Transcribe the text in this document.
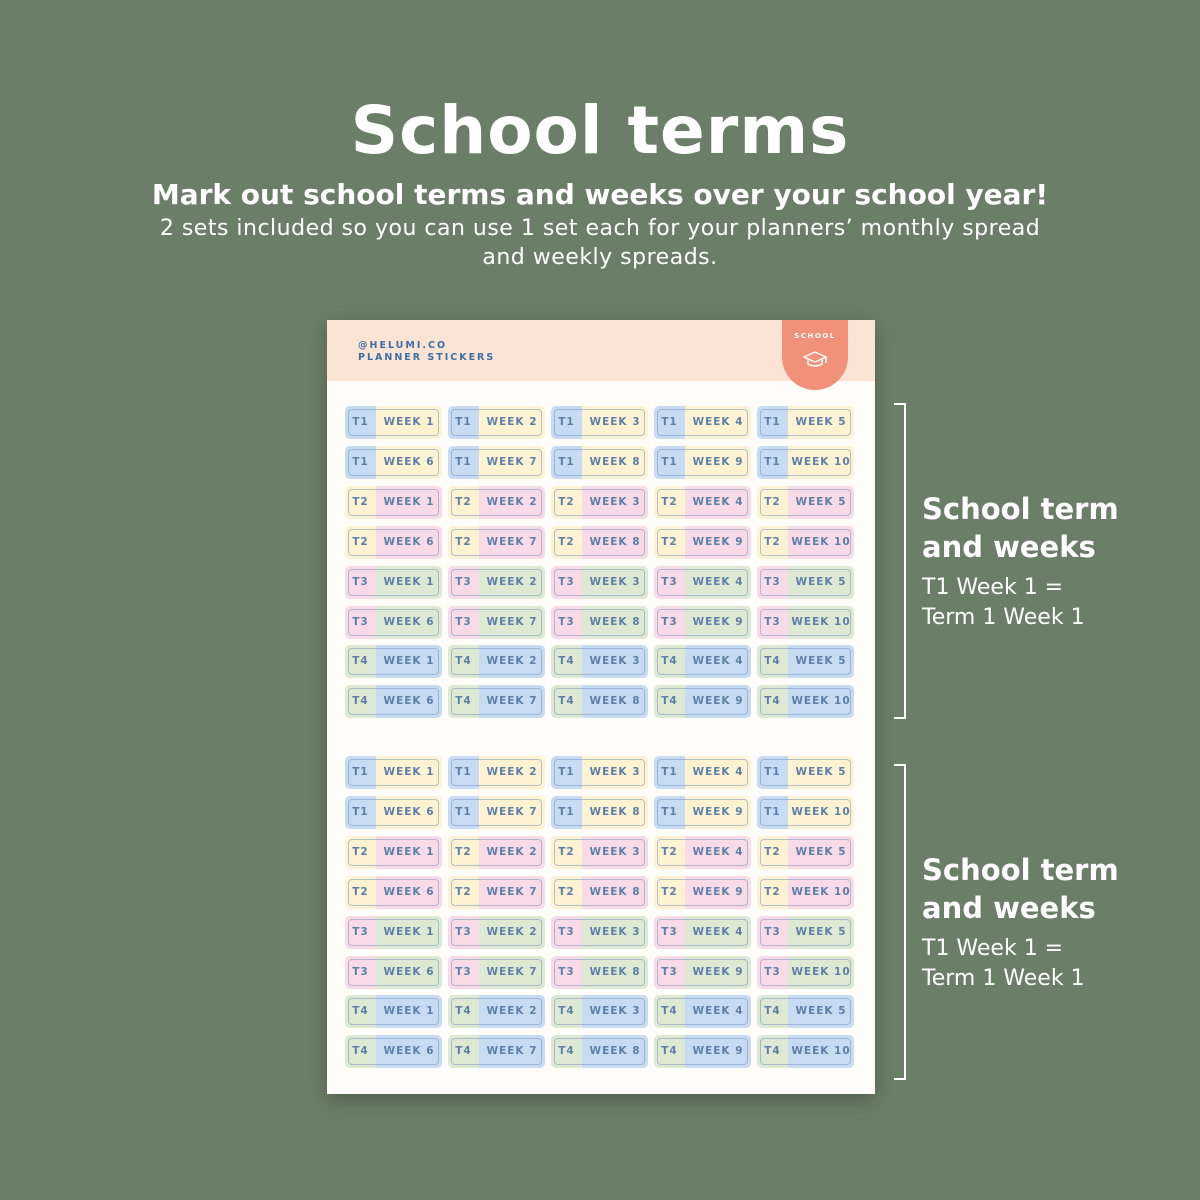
School terms
Mark out school terms and weeks over your school year!
2 sets included so you can use 1 set each for your planners’ monthly spread and weekly spreads.
@HELUMI.CO
PLANNER STICKERS
SCHOOL
T1	WEEK 1	T1	WEEK 2	T1	WEEK 3	T1	WEEK 4	T1	WEEK 5
T1	WEEK 6	T1	WEEK 7	T1	WEEK 8	T1	WEEK 9	T1	WEEK 10
T2	WEEK 1	T2	WEEK 2	T2	WEEK 3	T2	WEEK 4	T2	WEEK 5
T2	WEEK 6	T2	WEEK 7	T2	WEEK 8	T2	WEEK 9	T2	WEEK 10
T3	WEEK 1	T3	WEEK 2	T3	WEEK 3	T3	WEEK 4	T3	WEEK 5
T3	WEEK 6	T3	WEEK 7	T3	WEEK 8	T3	WEEK 9	T3	WEEK 10
T4	WEEK 1	T4	WEEK 2	T4	WEEK 3	T4	WEEK 4	T4	WEEK 5
T4	WEEK 6	T4	WEEK 7	T4	WEEK 8	T4	WEEK 9	T4	WEEK 10
T1	WEEK 1	T1	WEEK 2	T1	WEEK 3	T1	WEEK 4	T1	WEEK 5
T1	WEEK 6	T1	WEEK 7	T1	WEEK 8	T1	WEEK 9	T1	WEEK 10
T2	WEEK 1	T2	WEEK 2	T2	WEEK 3	T2	WEEK 4	T2	WEEK 5
T2	WEEK 6	T2	WEEK 7	T2	WEEK 8	T2	WEEK 9	T2	WEEK 10
T3	WEEK 1	T3	WEEK 2	T3	WEEK 3	T3	WEEK 4	T3	WEEK 5
T3	WEEK 6	T3	WEEK 7	T3	WEEK 8	T3	WEEK 9	T3	WEEK 10
T4	WEEK 1	T4	WEEK 2	T4	WEEK 3	T4	WEEK 4	T4	WEEK 5
T4	WEEK 6	T4	WEEK 7	T4	WEEK 8	T4	WEEK 9	T4	WEEK 10
School term
and weeks
T1 Week 1 =
Term 1 Week 1
School term
and weeks
T1 Week 1 =
Term 1 Week 1
